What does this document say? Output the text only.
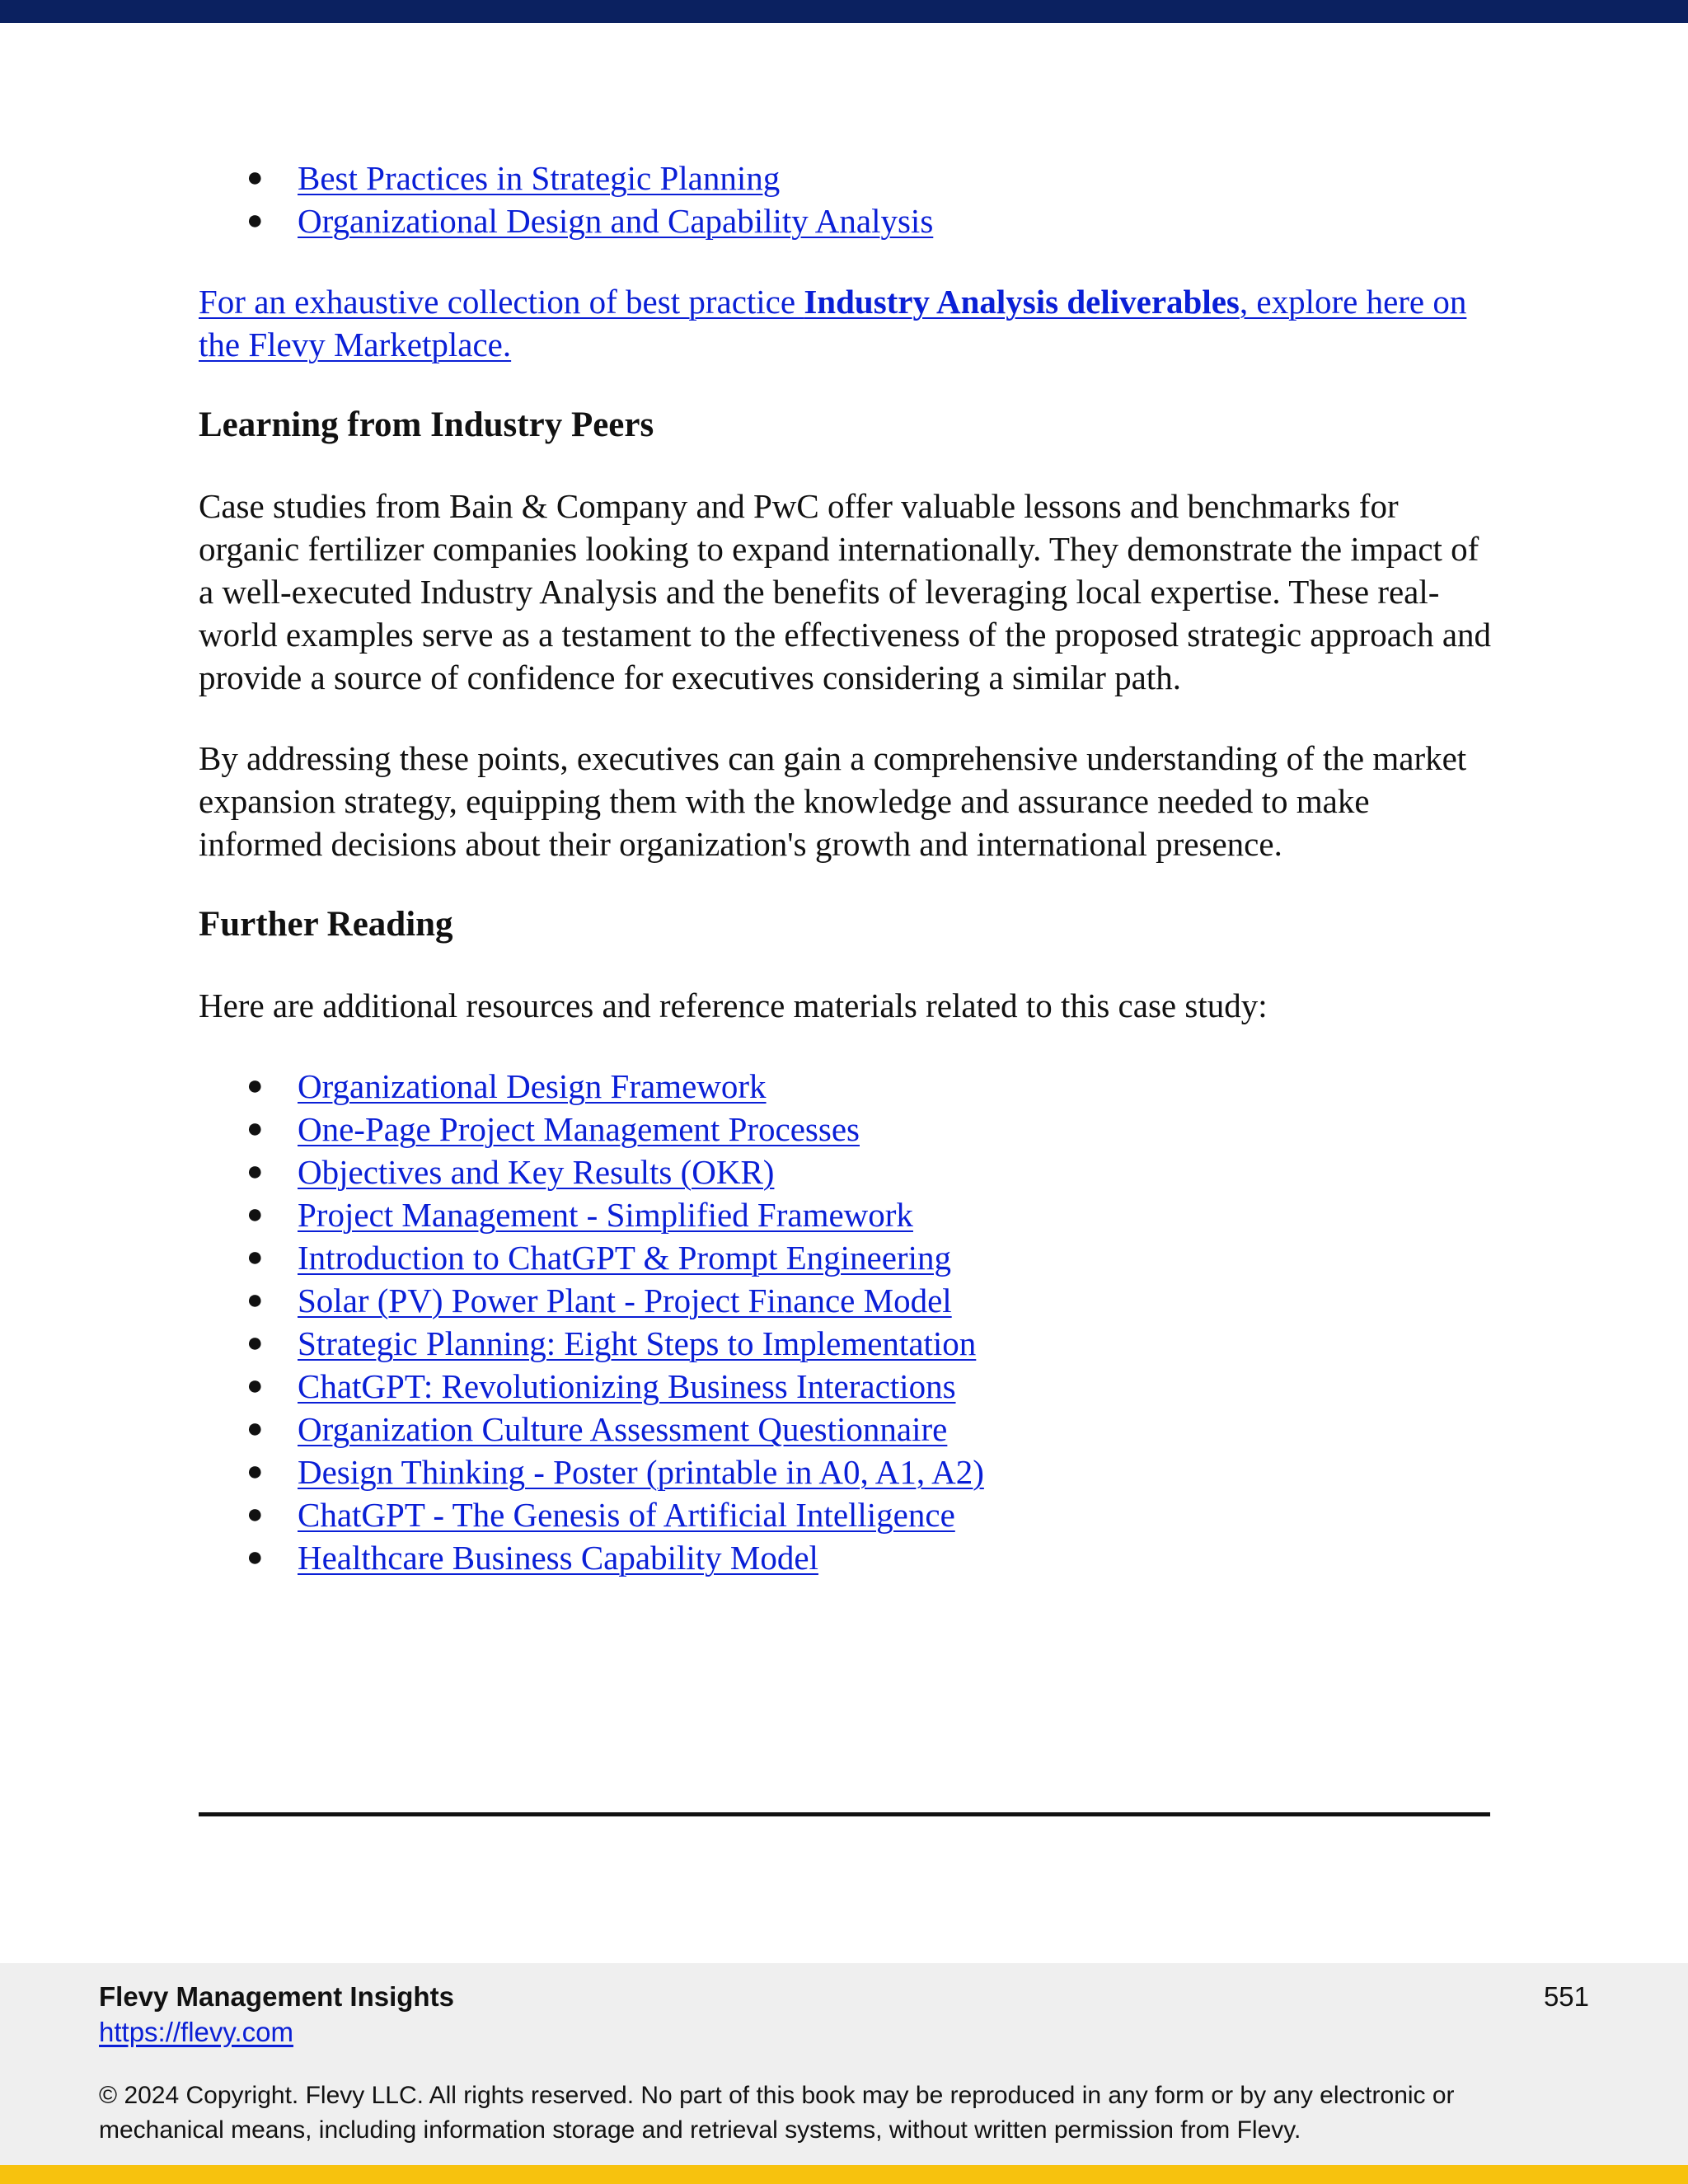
● Best Practices in Strategic Planning
● Organizational Design and Capability Analysis
For an exhaustive collection of best practice Industry Analysis deliverables, explore here on the Flevy Marketplace.
Learning from Industry Peers

Case studies from Bain & Company and PwC offer valuable lessons and benchmarks for organic fertilizer companies looking to expand internationally. They demonstrate the impact of a well-executed Industry Analysis and the benefits of leveraging local expertise. These real-world examples serve as a testament to the effectiveness of the proposed strategic approach and provide a source of confidence for executives considering a similar path.

By addressing these points, executives can gain a comprehensive understanding of the market expansion strategy, equipping them with the knowledge and assurance needed to make informed decisions about their organization's growth and international presence.

Further Reading

Here are additional resources and reference materials related to this case study:

● Organizational Design Framework
● One-Page Project Management Processes
● Objectives and Key Results (OKR)
● Project Management - Simplified Framework
● Introduction to ChatGPT & Prompt Engineering
● Solar (PV) Power Plant - Project Finance Model
● Strategic Planning: Eight Steps to Implementation
● ChatGPT: Revolutionizing Business Interactions
● Organization Culture Assessment Questionnaire
● Design Thinking - Poster (printable in A0, A1, A2)
● ChatGPT - The Genesis of Artificial Intelligence
● Healthcare Business Capability Model
Flevy Management Insights
https://flevy.com
551
© 2024 Copyright. Flevy LLC. All rights reserved. No part of this book may be reproduced in any form or by any electronic or mechanical means, including information storage and retrieval systems, without written permission from Flevy.
